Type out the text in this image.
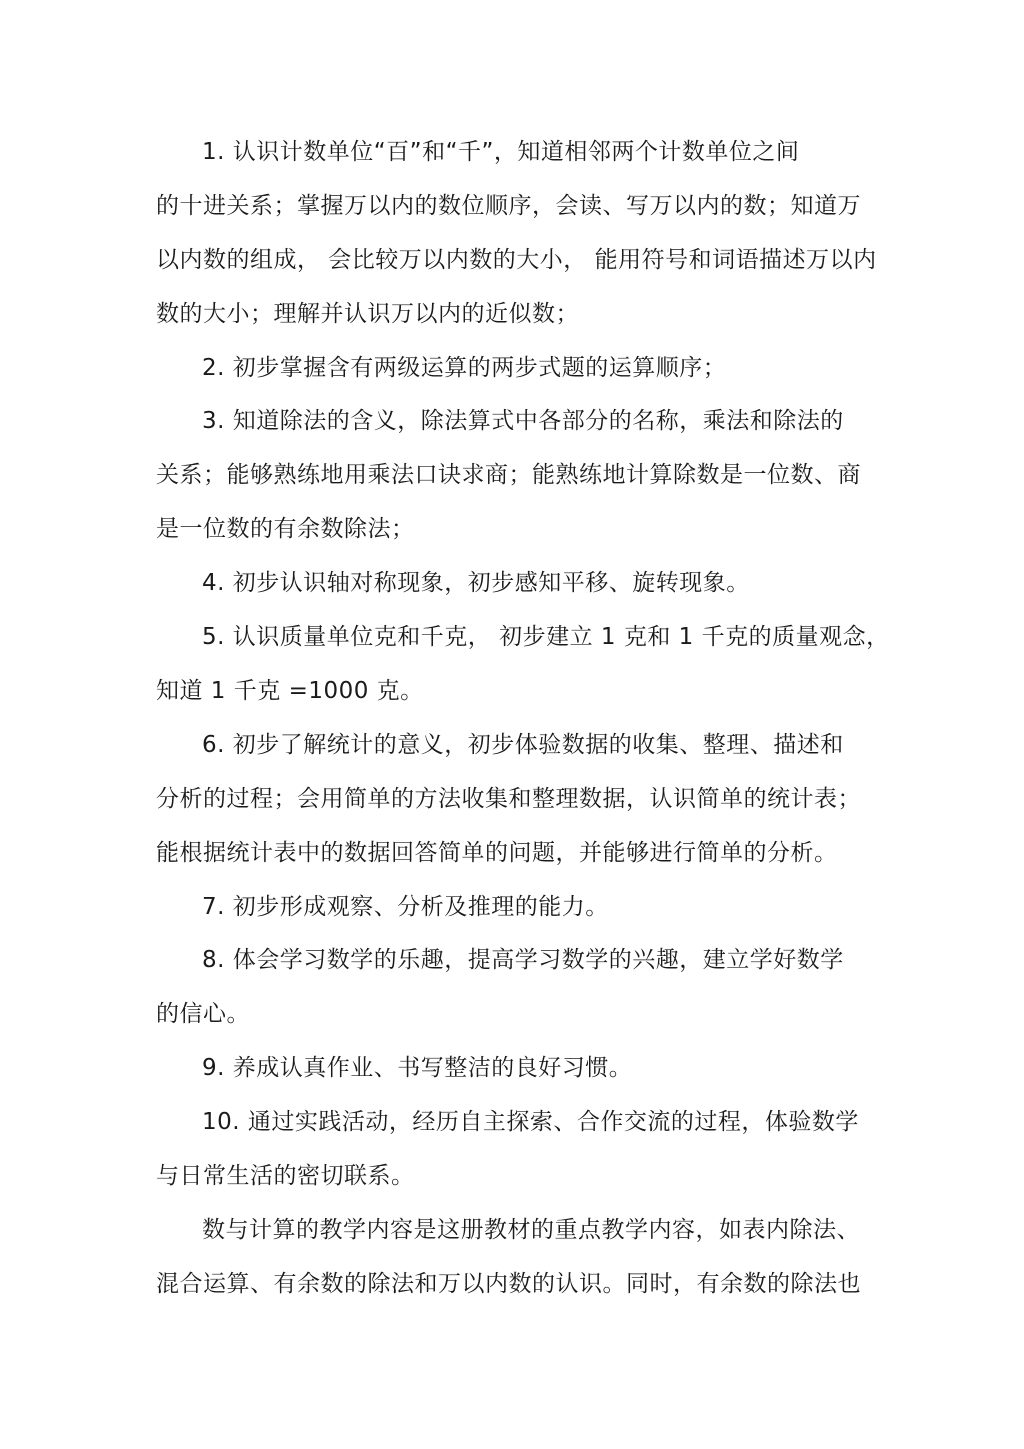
1. 认识计数单位“百”和“千”，知道相邻两个计数单位之间
的十进关系；掌握万以内的数位顺序，会读、写万以内的数；知道万
以内数的组成， 会比较万以内数的大小， 能用符号和词语描述万以内
数的大小；理解并认识万以内的近似数；
2. 初步掌握含有两级运算的两步式题的运算顺序；
3. 知道除法的含义，除法算式中各部分的名称，乘法和除法的
关系；能够熟练地用乘法口诀求商；能熟练地计算除数是一位数、商
是一位数的有余数除法；
4. 初步认识轴对称现象，初步感知平移、旋转现象。
5. 认识质量单位克和千克， 初步建立 1 克和 1 千克的质量观念，
知道 1 千克 =1000 克。
6. 初步了解统计的意义，初步体验数据的收集、整理、描述和
分析的过程；会用简单的方法收集和整理数据，认识简单的统计表；
能根据统计表中的数据回答简单的问题，并能够进行简单的分析。
7. 初步形成观察、分析及推理的能力。
8. 体会学习数学的乐趣，提高学习数学的兴趣，建立学好数学
的信心。
9. 养成认真作业、书写整洁的良好习惯。
10. 通过实践活动，经历自主探索、合作交流的过程，体验数学
与日常生活的密切联系。
数与计算的教学内容是这册教材的重点教学内容，如表内除法、
混合运算、有余数的除法和万以内数的认识。同时，有余数的除法也
